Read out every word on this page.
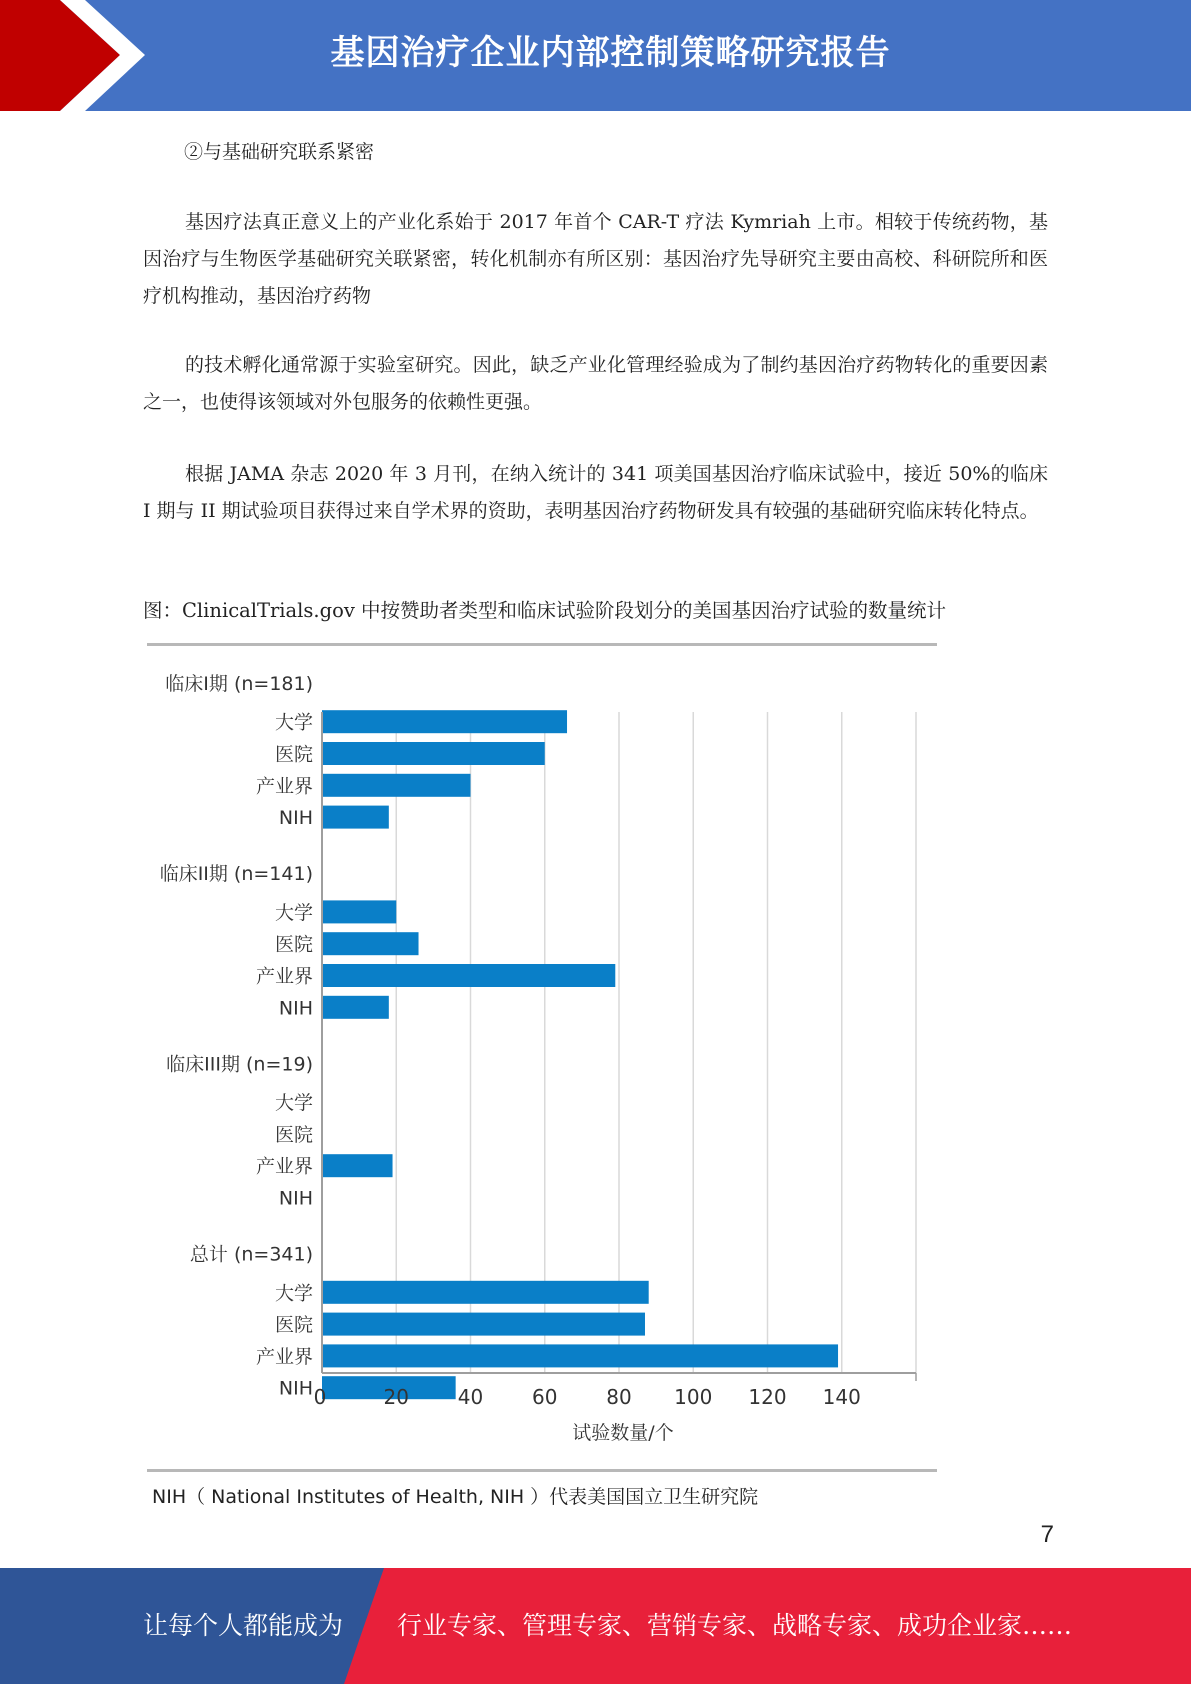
基因治疗企业内部控制策略研究报告
②与基础研究联系紧密

基因疗法真正意义上的产业化系始于 2017 年首个 CAR-T 疗法 Kymriah 上市。相较于传统药物，基因治疗与生物医学基础研究关联紧密，转化机制亦有所区别：基因治疗先导研究主要由高校、科研院所和医疗机构推动，基因治疗药物

的技术孵化通常源于实验室研究。因此，缺乏产业化管理经验成为了制约基因治疗药物转化的重要因素之一，也使得该领域对外包服务的依赖性更强。

根据 JAMA 杂志 2020 年 3 月刊，在纳入统计的 341 项美国基因治疗临床试验中，接近 50%的临床 I 期与 II 期试验项目获得过来自学术界的资助，表明基因治疗药物研发具有较强的基础研究临床转化特点。

图：ClinicalTrials.gov 中按赞助者类型和临床试验阶段划分的美国基因治疗试验的数量统计
临床I期 (n=181)
大学
医院
产业界
NIH
临床II期 (n=141)
大学
医院
产业界
NIH
临床III期 (n=19)
大学
医院
产业界
NIH
总计 (n=341)
大学
医院
产业界
NIH 0	20 40 60 80 100 120 140
试验数量/个
NIH（ National Institutes of Health, NIH ）代表美国国立卫生研究院
7
让每个人都能成为 行业专家、管理专家、营销专家、战略专家、成功企业家……
